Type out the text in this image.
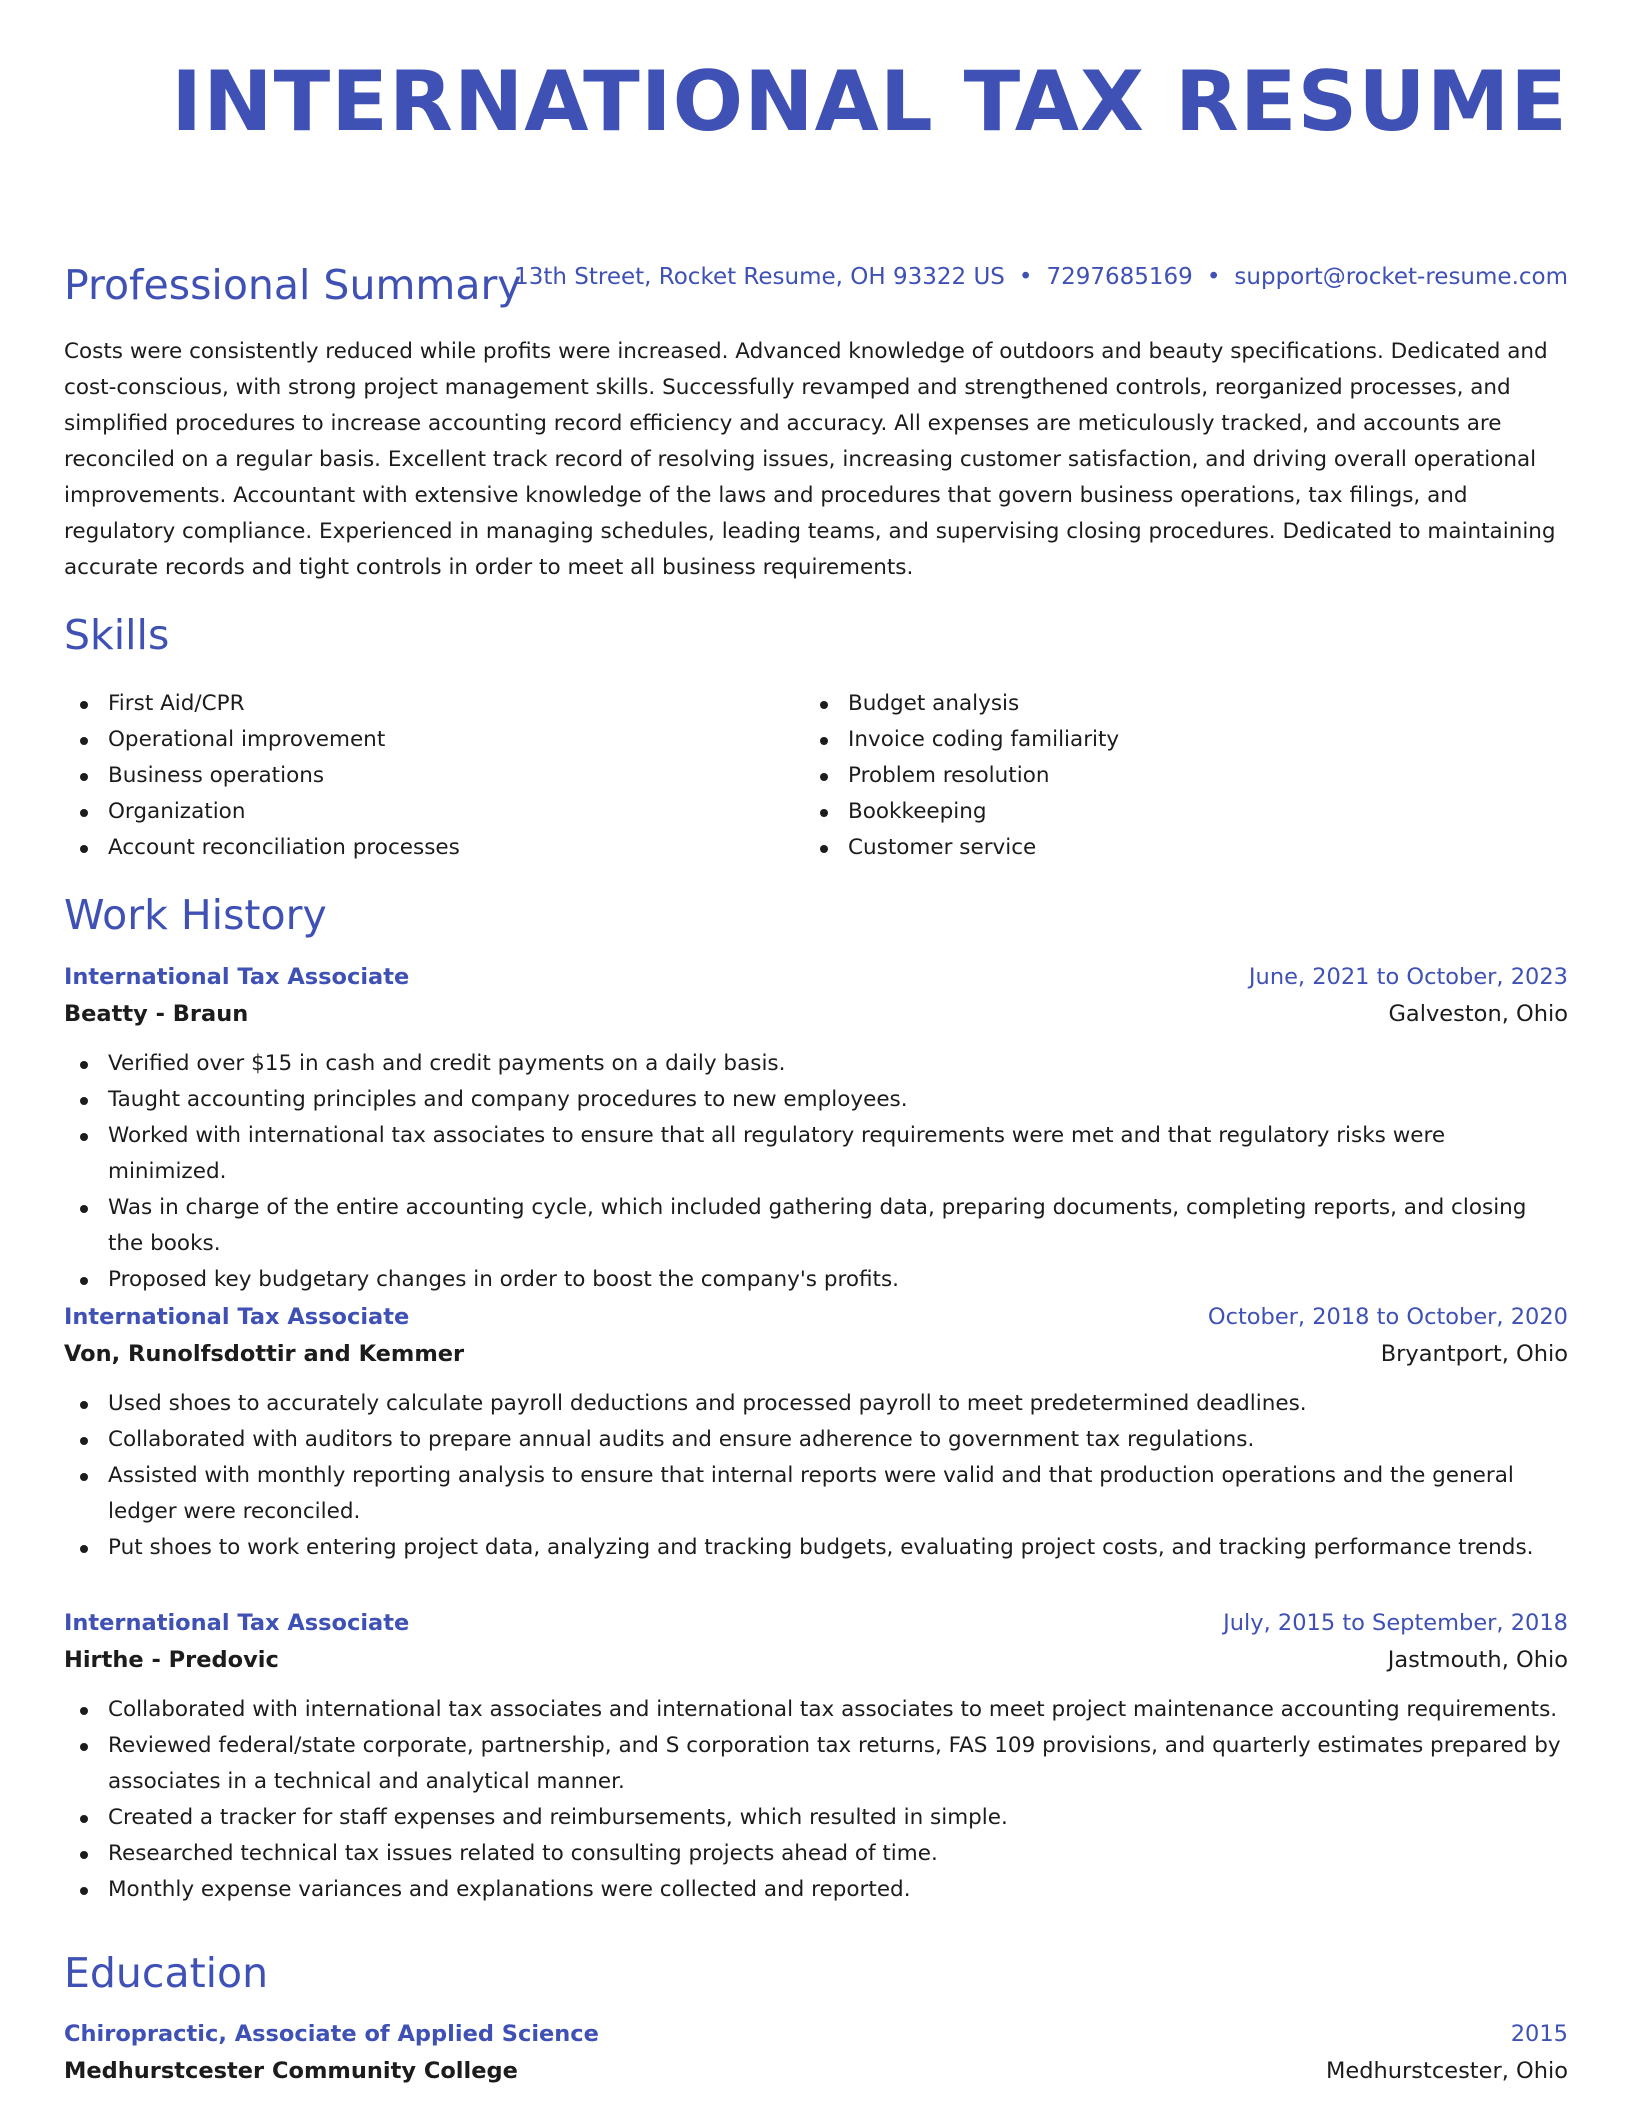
INTERNATIONAL TAX RESUME
13th Street, Rocket Resume, OH 93322 US • 7297685169 • support@rocket-resume.com
Professional Summary

Costs were consistently reduced while profits were increased. Advanced knowledge of outdoors and beauty specifications. Dedicated and cost-conscious, with strong project management skills. Successfully revamped and strengthened controls, reorganized processes, and simplified procedures to increase accounting record efficiency and accuracy. All expenses are meticulously tracked, and accounts are reconciled on a regular basis. Excellent track record of resolving issues, increasing customer satisfaction, and driving overall operational improvements. Accountant with extensive knowledge of the laws and procedures that govern business operations, tax filings, and regulatory compliance. Experienced in managing schedules, leading teams, and supervising closing procedures. Dedicated to maintaining accurate records and tight controls in order to meet all business requirements.

Skills
First Aid/CPR
Operational improvement
Business operations
Organization
Account reconciliation processes
Budget analysis
Invoice coding familiarity
Problem resolution
Bookkeeping
Customer service
Work History
International Tax Associate	June, 2021 to October, 2023
Beatty - Braun	Galveston, Ohio
Verified over $15 in cash and credit payments on a daily basis.
Taught accounting principles and company procedures to new employees.
Worked with international tax associates to ensure that all regulatory requirements were met and that regulatory risks were minimized.
Was in charge of the entire accounting cycle, which included gathering data, preparing documents, completing reports, and closing the books.
Proposed key budgetary changes in order to boost the company's profits.
International Tax Associate	October, 2018 to October, 2020
Von, Runolfsdottir and Kemmer	Bryantport, Ohio
Used shoes to accurately calculate payroll deductions and processed payroll to meet predetermined deadlines.
Collaborated with auditors to prepare annual audits and ensure adherence to government tax regulations.
Assisted with monthly reporting analysis to ensure that internal reports were valid and that production operations and the general ledger were reconciled.
Put shoes to work entering project data, analyzing and tracking budgets, evaluating project costs, and tracking performance trends.
International Tax Associate	July, 2015 to September, 2018
Hirthe - Predovic	Jastmouth, Ohio
Collaborated with international tax associates and international tax associates to meet project maintenance accounting requirements.
Reviewed federal/state corporate, partnership, and S corporation tax returns, FAS 109 provisions, and quarterly estimates prepared by associates in a technical and analytical manner.
Created a tracker for staff expenses and reimbursements, which resulted in simple.
Researched technical tax issues related to consulting projects ahead of time.
Monthly expense variances and explanations were collected and reported.
Education
Chiropractic, Associate of Applied Science	2015
Medhurstcester Community College	Medhurstcester, Ohio
